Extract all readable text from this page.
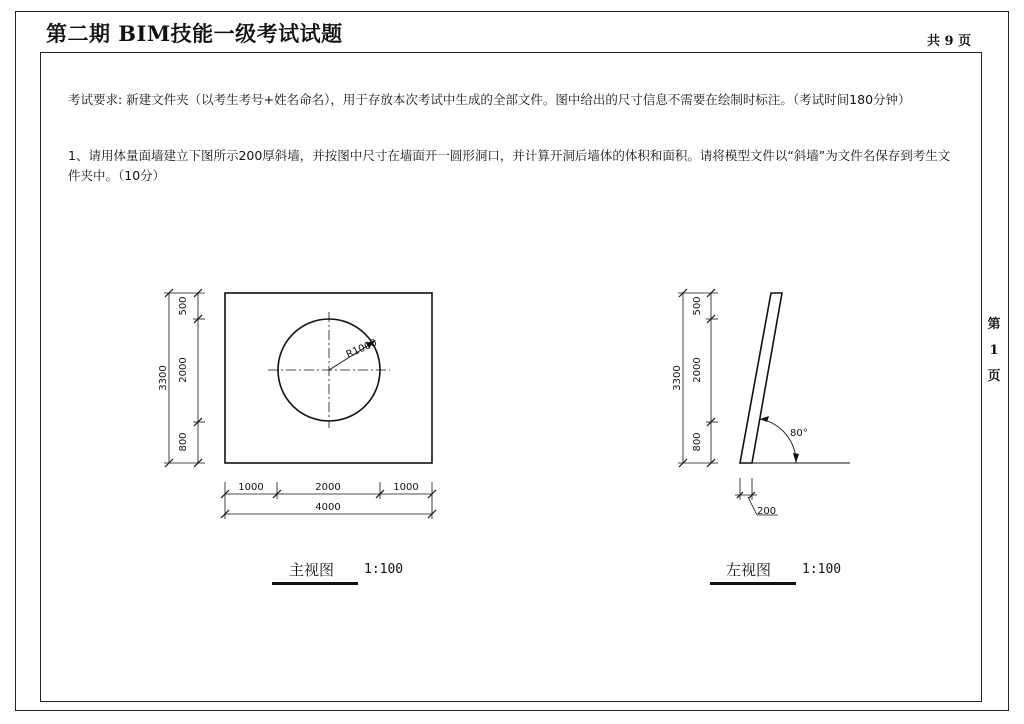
第二期 BIM技能一级考试试题	共 9 页
第
1
页
考试要求: 新建文件夹（以考生考号+姓名命名），用于存放本次考试中生成的全部文件。图中给出的尺寸信息不需要在绘制时标注。（考试时间180分钟）
1、请用体量面墙建立下图所示200厚斜墙，并按图中尺寸在墙面开一圆形洞口，并计算开洞后墙体的体积和面积。请将模型文件以“斜墙”为文件名保存到考生文件夹中。（10分）
R1000
3300
500
2000
800
1000	2000	1000
4000
80°
3300
500
2000
800
200
主视图 1:100	左视图 1:100
